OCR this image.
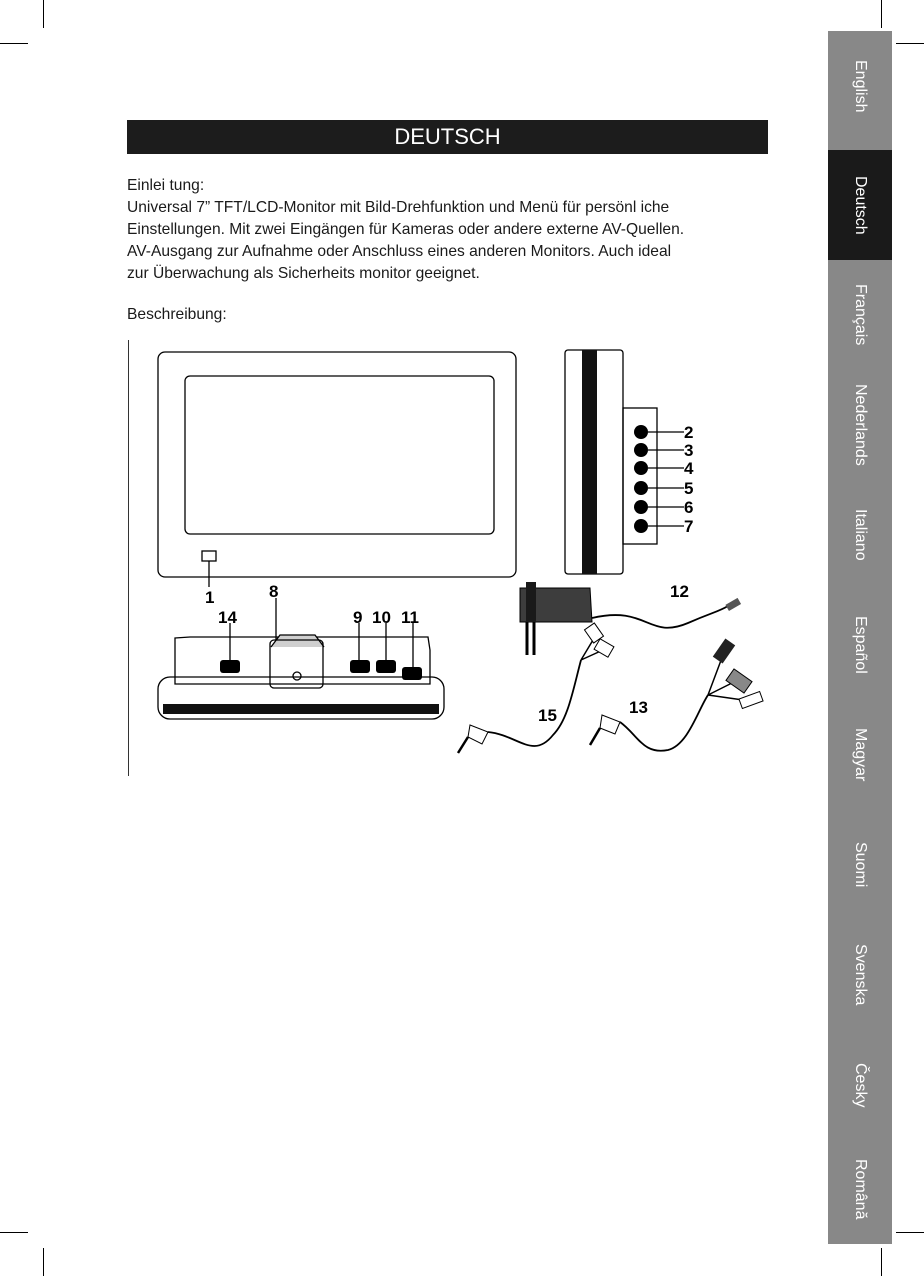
DEUTSCH

Einlei tung:

Universal 7” TFT/LCD-Monitor mit Bild-Drehfunktion und Menü für persönl iche

Einstellungen. Mit zwei Eingängen für Kameras oder andere externe AV-Quellen.

AV-Ausgang zur Aufnahme oder Anschluss eines anderen Monitors. Auch ideal

zur Überwachung als Sicherheits monitor geeignet.

Beschreibung:
1
2
3
4
5
6
7
8
9 10 11
12
13
14
15
English
Deutsch
Français
Nederlands
Italiano
Español
Magyar
Suomi
Svenska
Česky
Română
